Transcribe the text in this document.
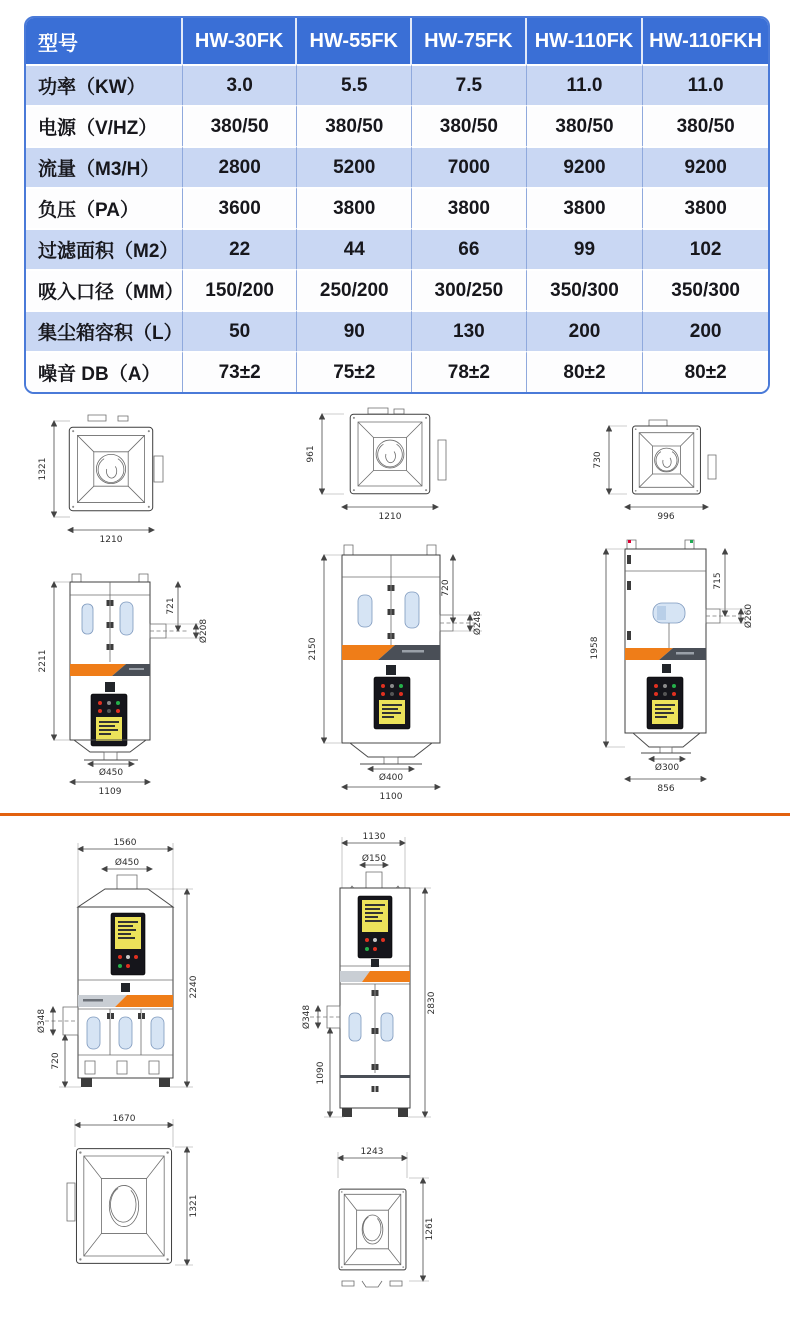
型号	HW-30FK	HW-55FK	HW-75FK	HW-110FK	HW-110FKH
功率（KW）	3.0	5.5	7.5	11.0	11.0
电源（V/HZ）	380/50	380/50	380/50	380/50	380/50
流量（M3/H）	2800	5200	7000	9200	9200
负压（PA）	3600	3800	3800	3800	3800
过滤面积（M2）	22	44	66	99	102
吸入口径（MM）	150/200	250/200	300/250	350/300	350/300
集尘箱容积（L）	50	90	130	200	200
噪音 DB（A）	73±2	75±2	78±2	80±2	80±2
1321
1210
721
Ø208
2211
Ø450
1109
961
1210
720
Ø248
2150
Ø400
1100
730
996
715
Ø260
1958
Ø300
856
1560
Ø450
2240
Ø348
720
1670
1321
1130
Ø150
2830
Ø348
1090
1243
1261
